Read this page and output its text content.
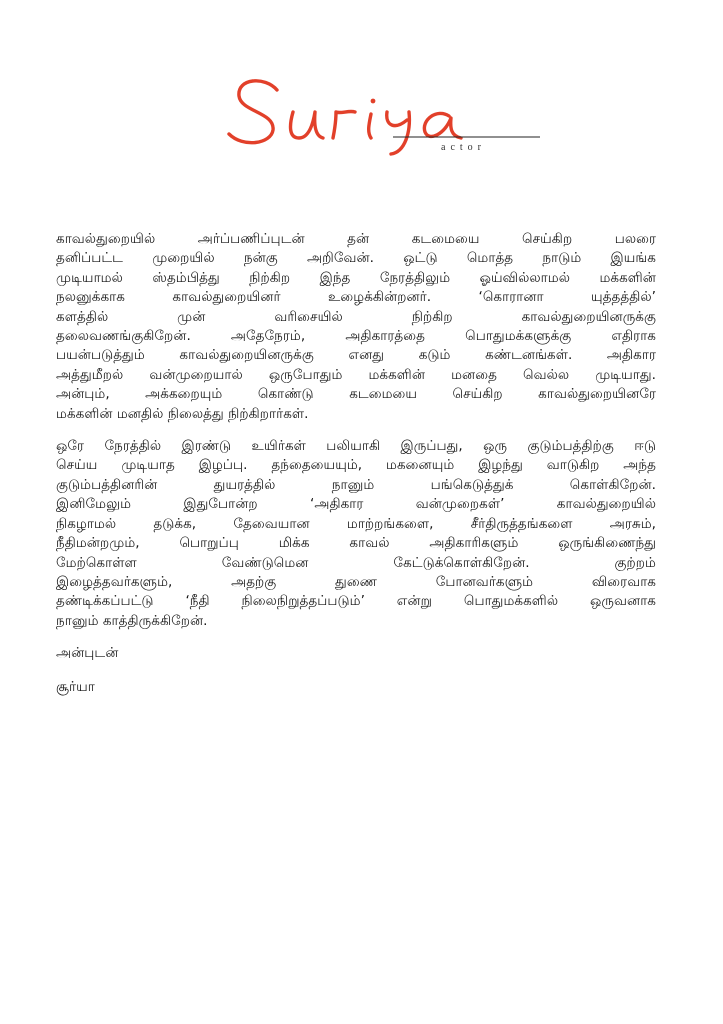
actor

காவல்துறையில் அர்ப்பணிப்புடன் தன் கடமையை செய்கிற பலரை
தனிப்பட்ட முறையில் நன்கு அறிவேன். ஒட்டு மொத்த நாடும் இயங்க
முடியாமல் ஸ்தம்பித்து நிற்கிற இந்த நேரத்திலும் ஓய்வில்லாமல் மக்களின்
நலனுக்காக காவல்துறையினர் உழைக்கின்றனர். ‘கொரானா யுத்தத்தில்’
களத்தில் முன் வரிசையில் நிற்கிற காவல்துறையினருக்கு
தலைவணங்குகிறேன். அதேநேரம், அதிகாரத்தை பொதுமக்களுக்கு எதிராக
பயன்படுத்தும் காவல்துறையினருக்கு எனது கடும் கண்டனங்கள். அதிகார
அத்துமீறல் வன்முறையால் ஒருபோதும் மக்களின் மனதை வெல்ல முடியாது.
அன்பும், அக்கறையும் கொண்டு கடமையை செய்கிற காவல்துறையினரே
மக்களின் மனதில் நிலைத்து நிற்கிறார்கள்.

ஒரே நேரத்தில் இரண்டு உயிர்கள் பலியாகி இருப்பது, ஒரு குடும்பத்திற்கு ஈடு
செய்ய முடியாத இழப்பு. தந்தையையும், மகனையும் இழந்து வாடுகிற அந்த
குடும்பத்தினரின் துயரத்தில் நானும் பங்கெடுத்துக் கொள்கிறேன்.
இனிமேலும் இதுபோன்ற ‘அதிகார வன்முறைகள்’ காவல்துறையில்
நிகழாமல் தடுக்க, தேவையான மாற்றங்களை, சீர்திருத்தங்களை அரசும்,
நீதிமன்றமும், பொறுப்பு மிக்க காவல் அதிகாரிகளும் ஒருங்கிணைந்து
மேற்கொள்ள வேண்டுமென கேட்டுக்கொள்கிறேன். குற்றம்
இழைத்தவர்களும், அதற்கு துணை போனவர்களும் விரைவாக
தண்டிக்கப்பட்டு ‘நீதி நிலைநிறுத்தப்படும்’ என்று பொதுமக்களில் ஒருவனாக
நானும் காத்திருக்கிறேன்.

அன்புடன்
சூர்யா
